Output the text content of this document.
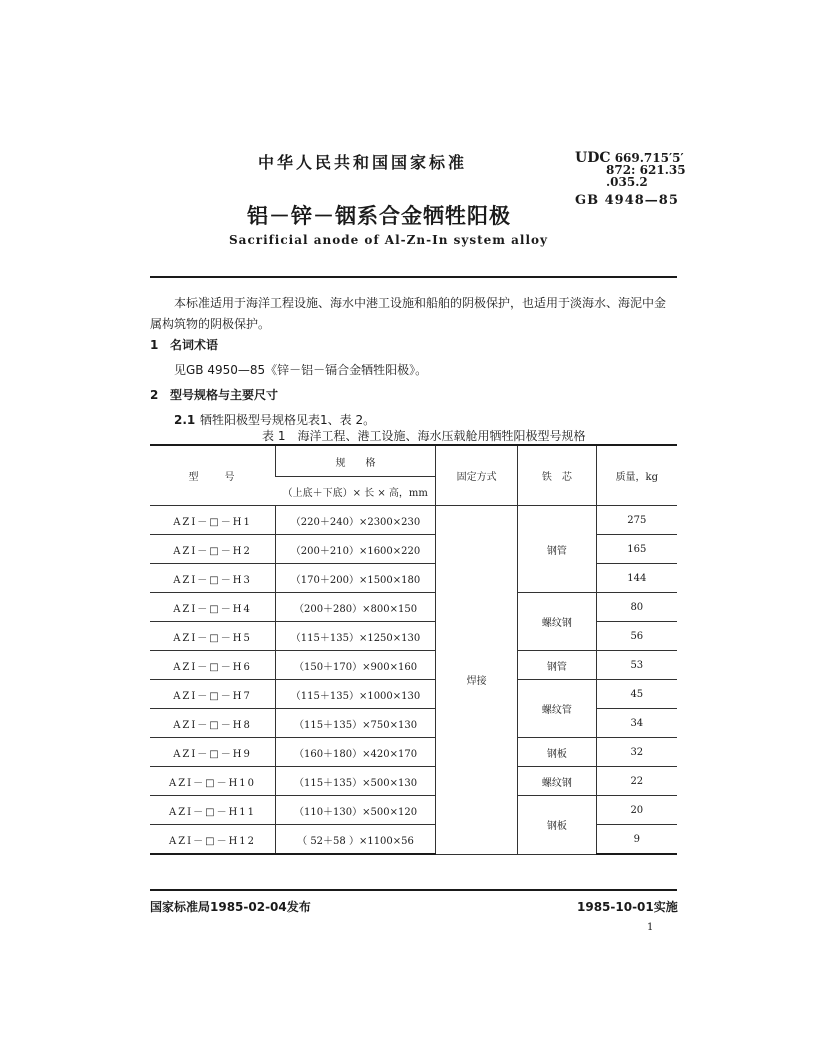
中华人民共和国国家标准	UDC 669.715′5′
872: 621.35
.035.2
GB 4948—85
铝－锌－铟系合金牺牲阳极
Sacrificial anode of Al-Zn-In system alloy
本标准适用于海洋工程设施、海水中港工设施和船舶的阴极保护，也适用于淡海水、海泥中金属构筑物的阴极保护。
1 名词术语
见GB 4950—85《锌－铝－镉合金牺牲阳极》。
2 型号规格与主要尺寸
2.1 牺牲阳极型号规格见表1、表 2。
表 1　海洋工程、港工设施、海水压载舱用牺牲阳极型号规格
型　　号	规　　格	固定方式	铁　芯	质量，kg
	（上底＋下底）× 长 × 高，mm			
AZI－□－H1	（220＋240）×2300×230	焊接	钢管	275
AZI－□－H2	（200＋210）×1600×220			165
AZI－□－H3	（170＋200）×1500×180			144
AZI－□－H4	（200＋280）×800×150		螺纹钢	80
AZI－□－H5	（115＋135）×1250×130			56
AZI－□－H6	（150＋170）×900×160		钢管	53
AZI－□－H7	（115＋135）×1000×130		螺纹管	45
AZI－□－H8	（115＋135）×750×130			34
AZI－□－H9	（160＋180）×420×170		钢板	32
AZI－□－H10	（115＋135）×500×130		螺纹钢	22
AZI－□－H11	（110＋130）×500×120		钢板	20
AZI－□－H12	（ 52＋58 ）×1100×56			9
国家标准局1985-02-04发布	1985-10-01实施
1
